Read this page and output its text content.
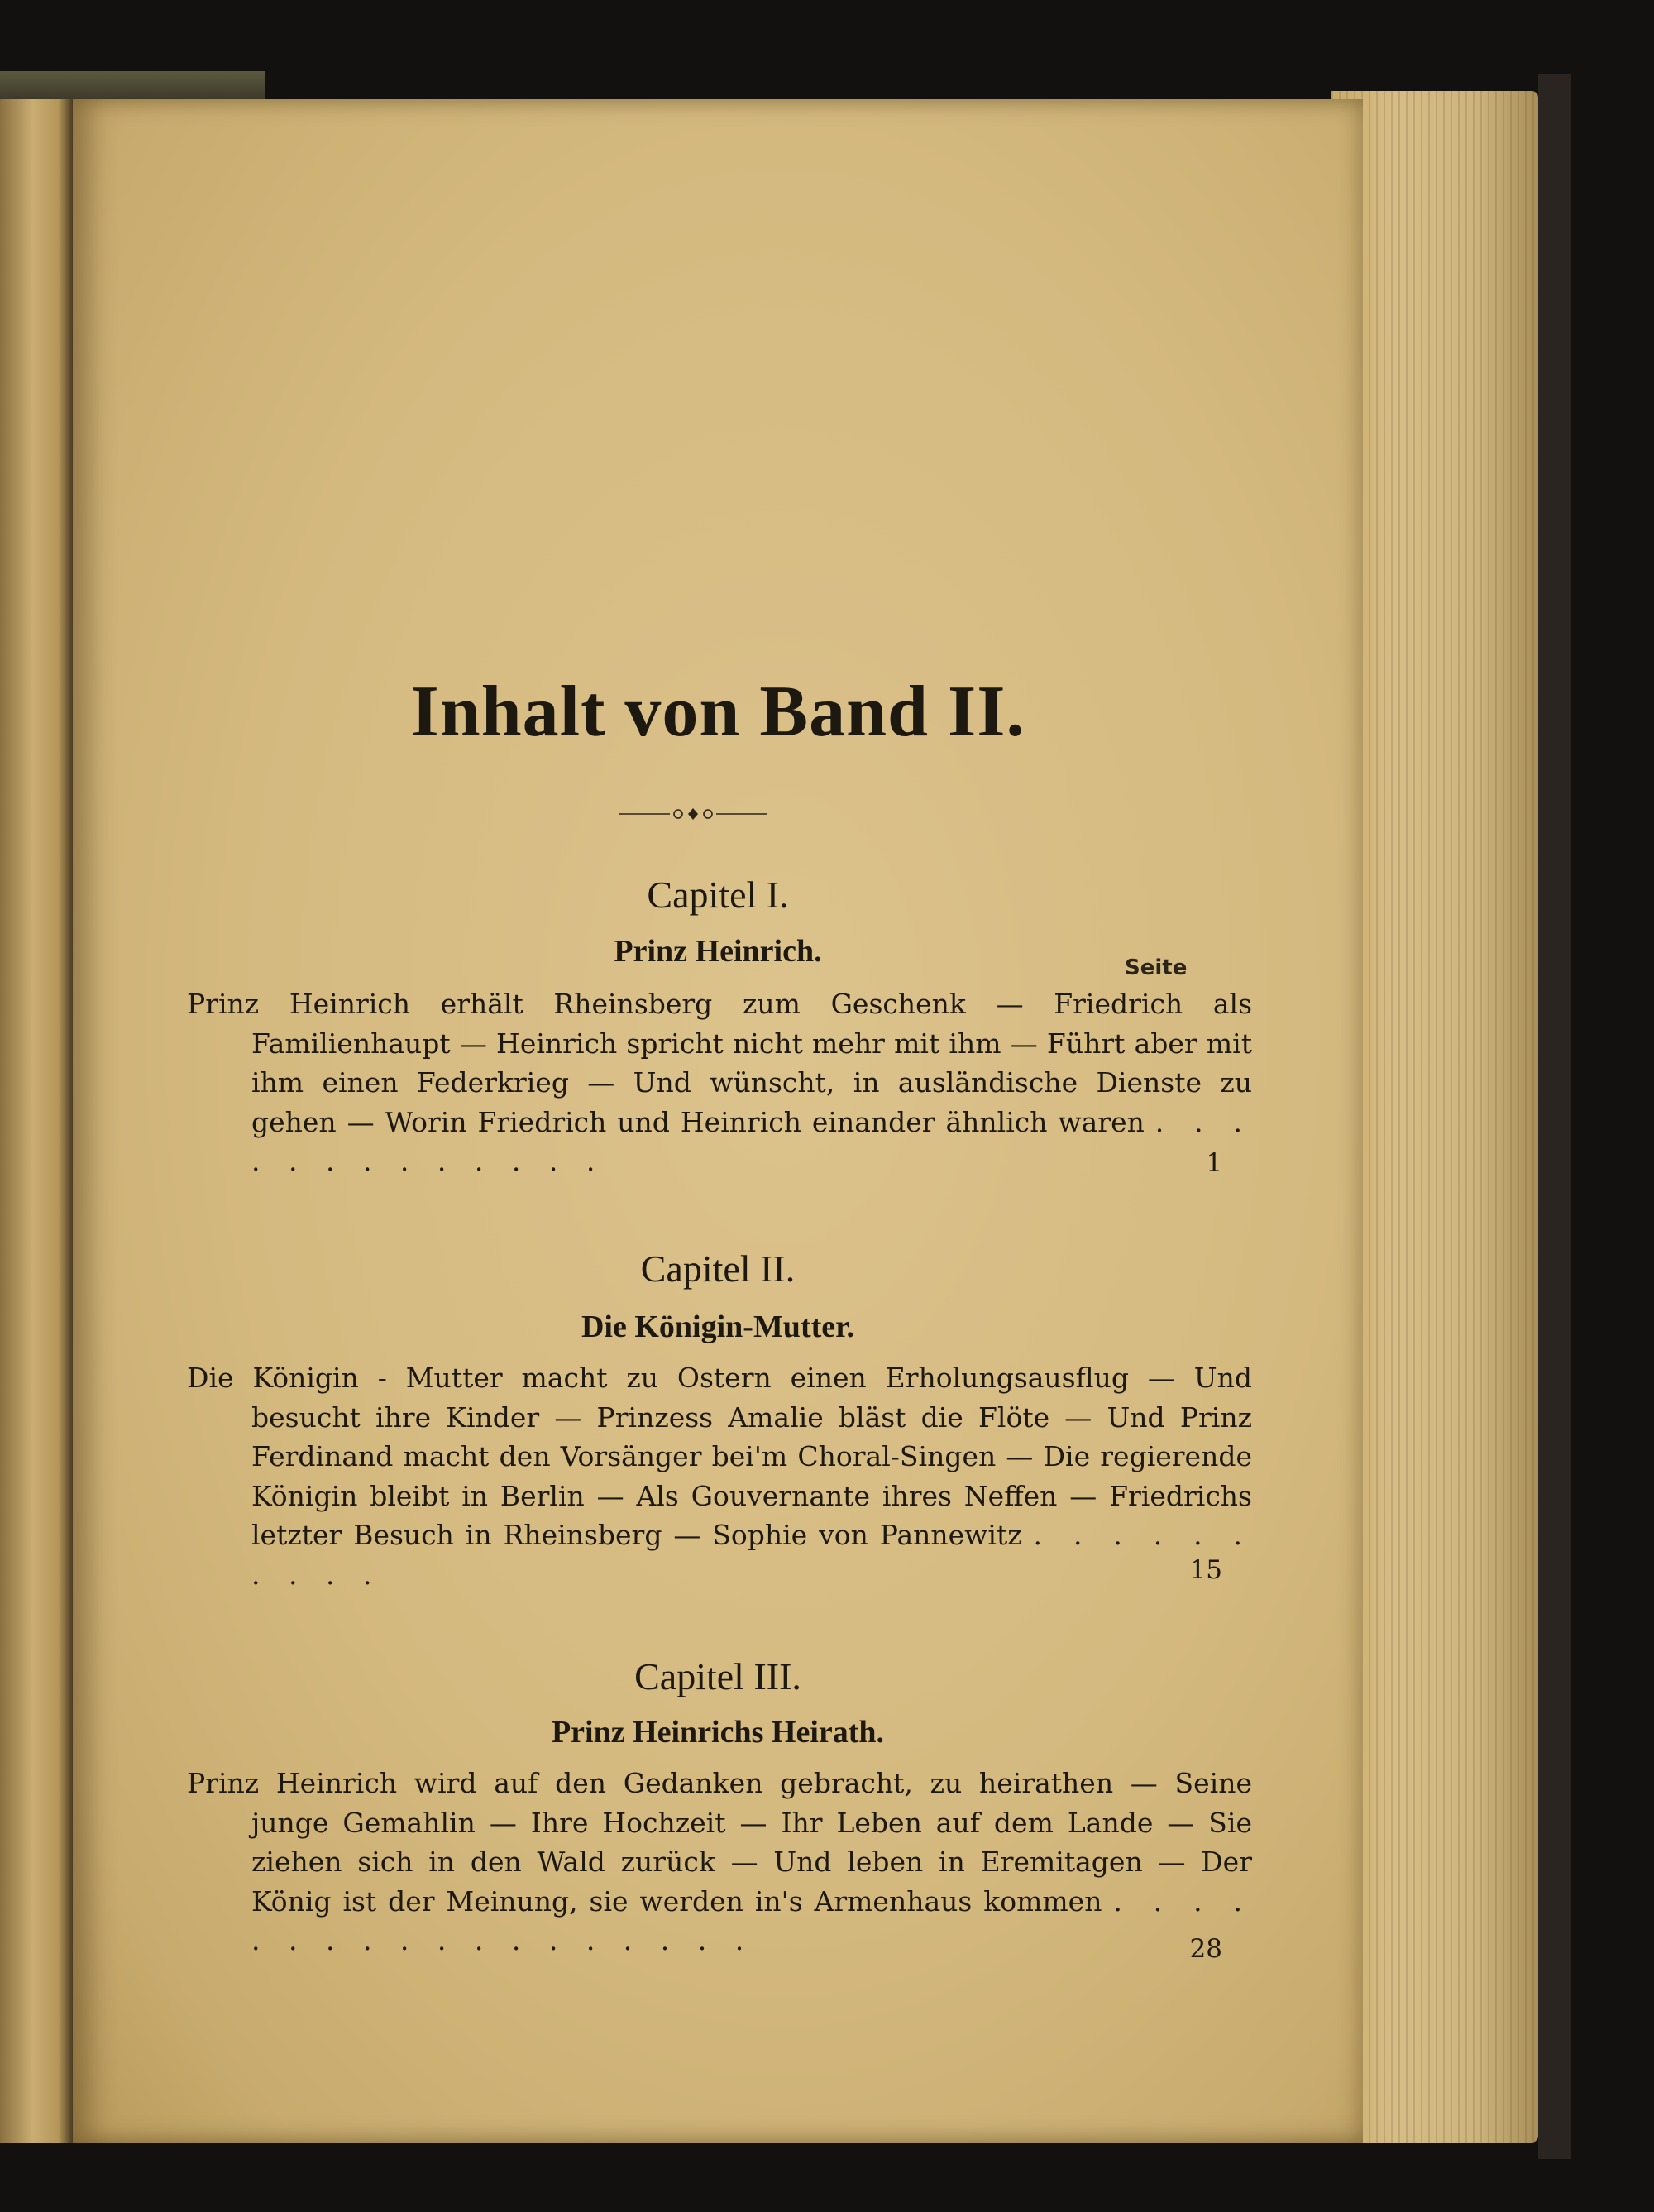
Inhalt von Band II.
Capitel I.
Prinz Heinrich.	Seite

Prinz Heinrich erhält Rheinsberg zum Geschenk — Friedrich als Familienhaupt — Heinrich spricht nicht mehr mit ihm — Führt aber mit ihm einen Federkrieg — Und wünscht, in ausländische Dienste zu gehen — Worin Friedrich und Heinrich einander ähnlich waren . . . . . . . . . . . . .	1
Capitel II.
Die Königin-Mutter.

Die Königin - Mutter macht zu Ostern einen Erholungsausflug — Und besucht ihre Kinder — Prinzess Amalie bläst die Flöte — Und Prinz Ferdinand macht den Vorsänger bei'm Choral-Singen — Die regierende Königin bleibt in Berlin — Als Gouvernante ihres Neffen — Friedrichs letzter Besuch in Rheinsberg — Sophie von Pannewitz . . . . . . . . . .	15
Capitel III.
Prinz Heinrichs Heirath.

Prinz Heinrich wird auf den Gedanken gebracht, zu heirathen — Seine junge Gemahlin — Ihre Hochzeit — Ihr Leben auf dem Lande — Sie ziehen sich in den Wald zurück — Und leben in Eremitagen — Der König ist der Meinung, sie werden in's Armenhaus kommen . . . . . . . . . . . . . . . . . .	28
